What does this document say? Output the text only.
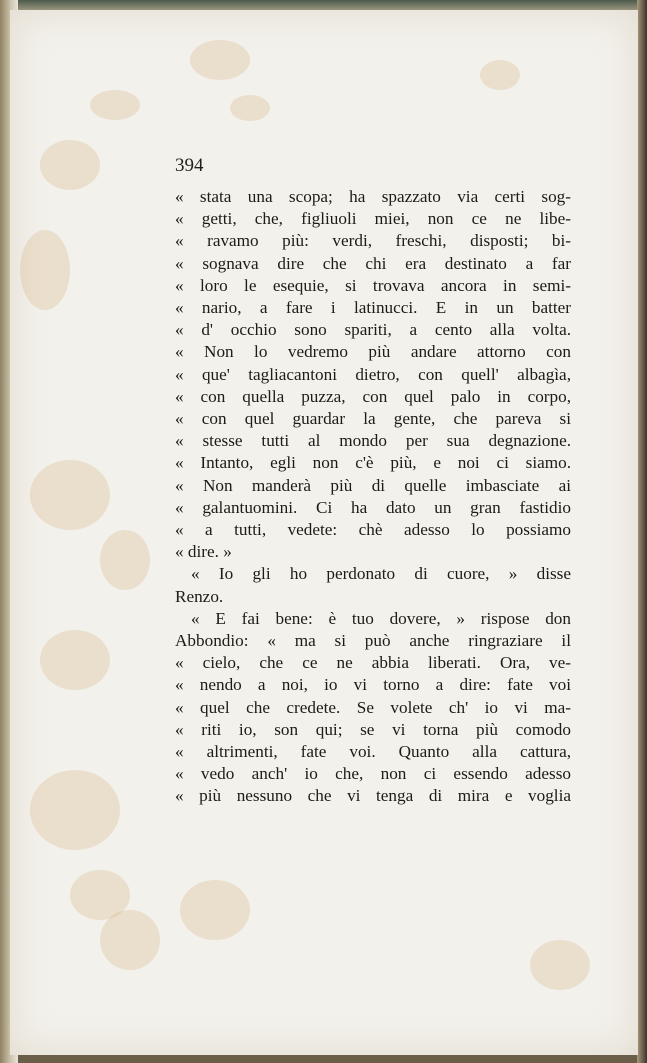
394
« stata una scopa; ha spazzato via certi sog-
« getti, che, figliuoli miei, non ce ne libe-
« ravamo più: verdi, freschi, disposti; bi-
« sognava dire che chi era destinato a far
« loro le esequie, si trovava ancora in semi-
« nario, a fare i latinucci. E in un batter
« d' occhio sono spariti, a cento alla volta.
« Non lo vedremo più andare attorno con
« que' tagliacantoni dietro, con quell' albagìa,
« con quella puzza, con quel palo in corpo,
« con quel guardar la gente, che pareva si
« stesse tutti al mondo per sua degnazione.
« Intanto, egli non c'è più, e noi ci siamo.
« Non manderà più di quelle imbasciate ai
« galantuomini. Ci ha dato un gran fastidio
« a tutti, vedete: chè adesso lo possiamo
« dire. »
« Io gli ho perdonato di cuore, » disse
Renzo.
« E fai bene: è tuo dovere, » rispose don
Abbondio: « ma si può anche ringraziare il
« cielo, che ce ne abbia liberati. Ora, ve-
« nendo a noi, io vi torno a dire: fate voi
« quel che credete. Se volete ch' io vi ma-
« riti io, son qui; se vi torna più comodo
« altrimenti, fate voi. Quanto alla cattura,
« vedo anch' io che, non ci essendo adesso
« più nessuno che vi tenga di mira e voglia
